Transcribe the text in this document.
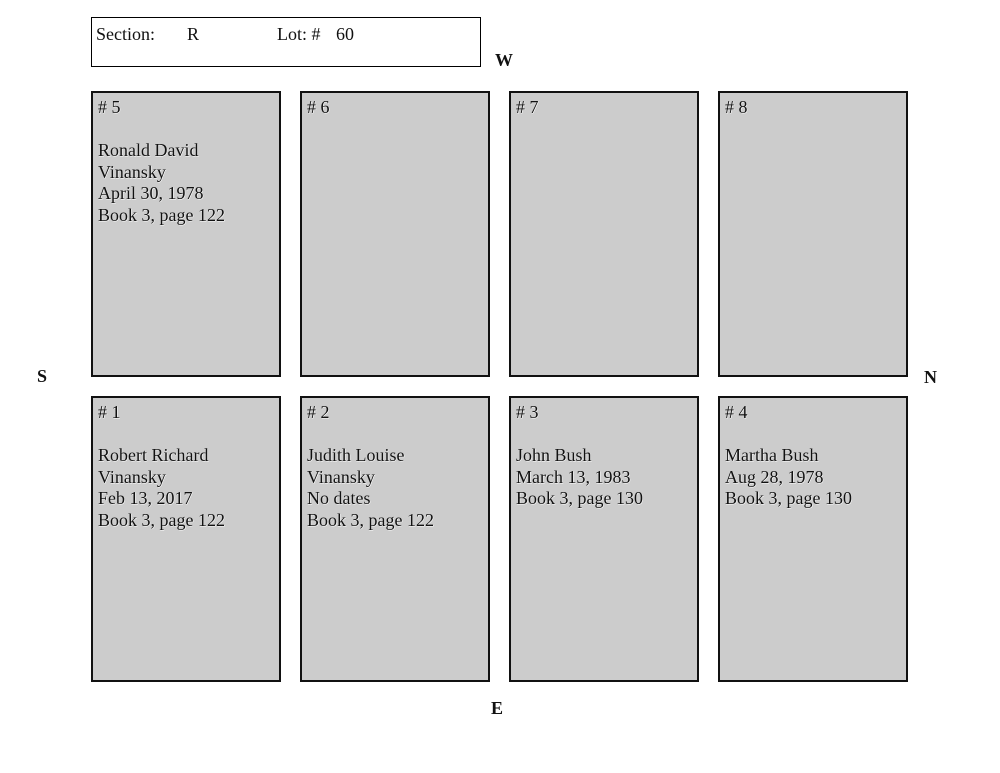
Section: R	Lot: # 60
W
E
S	N
# 5
Ronald David
Vinansky
April 30, 1978
Book 3, page 122
# 6	# 7	# 8
# 1
Robert Richard
Vinansky
Feb 13, 2017
Book 3, page 122
# 2
Judith Louise
Vinansky
No dates
Book 3, page 122
# 3
John Bush
March 13, 1983
Book 3, page 130
# 4
Martha Bush
Aug 28, 1978
Book 3, page 130
